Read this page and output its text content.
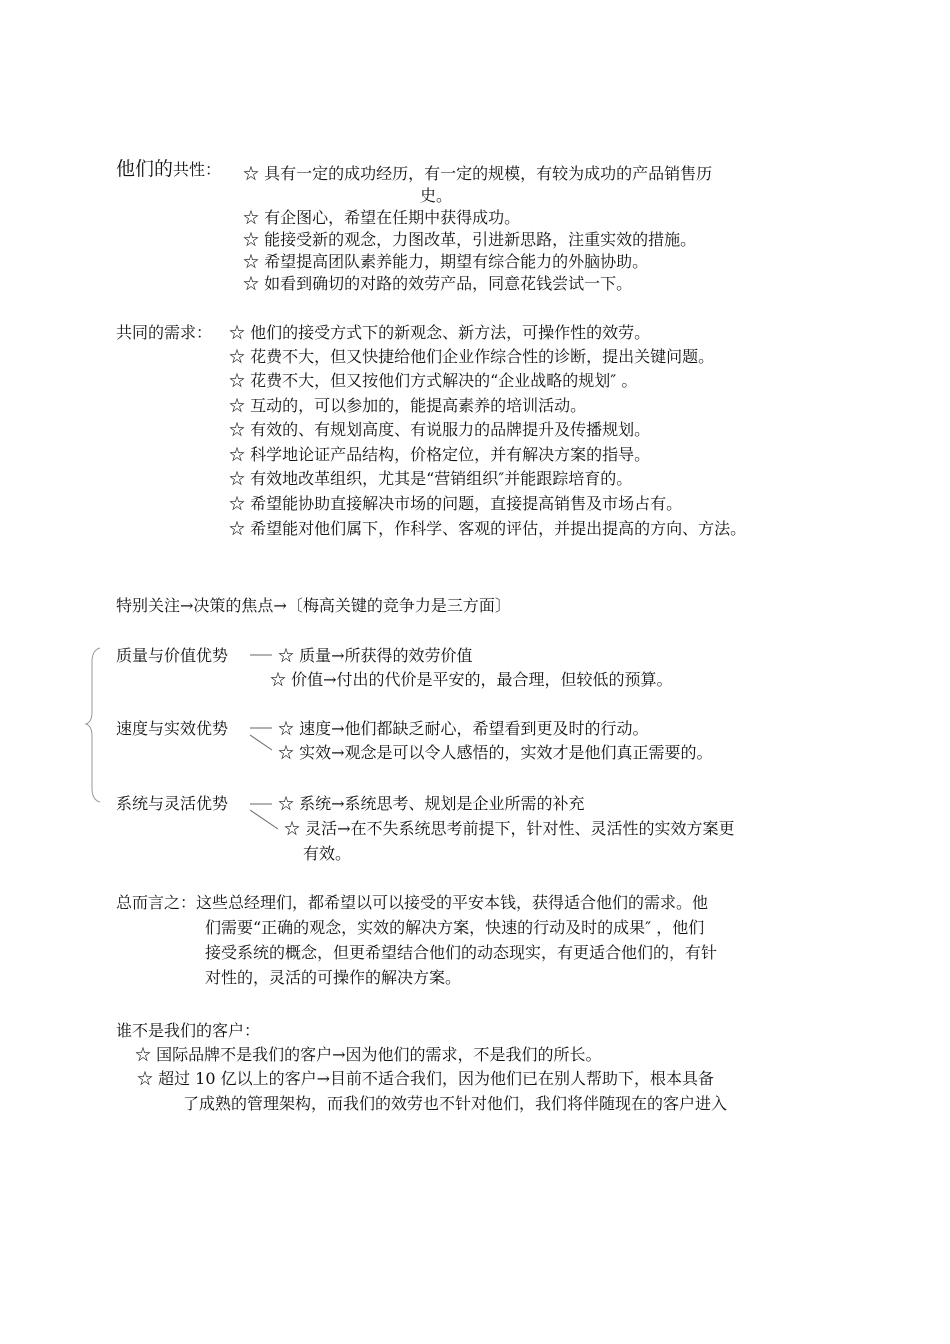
他们的共性： ☆ 具有一定的成功经历，有一定的规模，有较为成功的产品销售历
史。
☆ 有企图心，希望在任期中获得成功。
☆ 能接受新的观念，力图改革，引进新思路，注重实效的措施。
☆ 希望提高团队素养能力，期望有综合能力的外脑协助。
☆ 如看到确切的对路的效劳产品，同意花钱尝试一下。
共同的需求： ☆ 他们的接受方式下的新观念、新方法，可操作性的效劳。
☆ 花费不大，但又快捷给他们企业作综合性的诊断，提出关键问题。
☆ 花费不大，但又按他们方式解决的“企业战略的规划″ 。
☆ 互动的，可以参加的，能提高素养的培训活动。
☆ 有效的、有规划高度、有说服力的品牌提升及传播规划。
☆ 科学地论证产品结构，价格定位，并有解决方案的指导。
☆ 有效地改革组织，尤其是“营销组织″并能跟踪培育的。
☆ 希望能协助直接解决市场的问题，直接提高销售及市场占有。
☆ 希望能对他们属下，作科学、客观的评估，并提出提高的方向、方法。
特别关注→决策的焦点→〔梅高关键的竞争力是三方面〕
质量与价值优势	☆ 质量→所获得的效劳价值
☆ 价值→付出的代价是平安的，最合理，但较低的预算。
速度与实效优势	☆ 速度→他们都缺乏耐心，希望看到更及时的行动。
☆ 实效→观念是可以令人感悟的，实效才是他们真正需要的。
系统与灵活优势	☆ 系统→系统思考、规划是企业所需的补充
☆ 灵活→在不失系统思考前提下，针对性、灵活性的实效方案更
有效。
总而言之：这些总经理们，都希望以可以接受的平安本钱，获得适合他们的需求。他
们需要“正确的观念，实效的解决方案，快速的行动及时的成果″ ，他们
接受系统的概念，但更希望结合他们的动态现实，有更适合他们的，有针
对性的，灵活的可操作的解决方案。
谁不是我们的客户：
☆ 国际品牌不是我们的客户→因为他们的需求，不是我们的所长。
☆ 超过 10 亿以上的客户→目前不适合我们，因为他们已在别人帮助下，根本具备
了成熟的管理架构，而我们的效劳也不针对他们，我们将伴随现在的客户进入
